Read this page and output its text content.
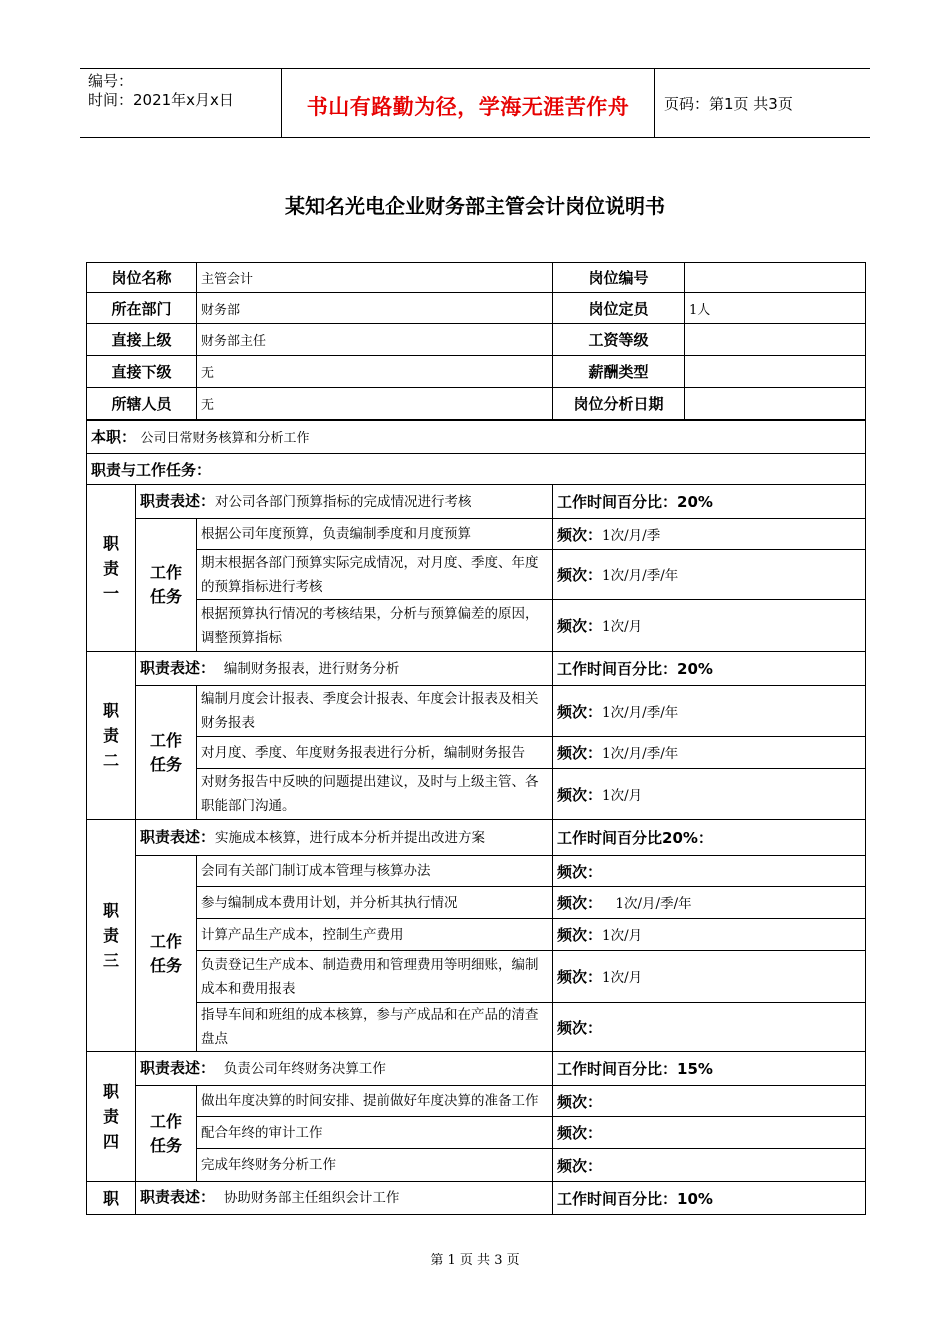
编号：
时间：2021年x月x日	书山有路勤为径，学海无涯苦作舟	页码：第1页 共3页
某知名光电企业财务部主管会计岗位说明书
岗位名称		主管会计	岗位编号	
所在部门		财务部	岗位定员	1人
直接上级		财务部主任	工资等级	
直接下级		无	薪酬类型	
所辖人员		无	岗位分析日期	
本职： 公司日常财务核算和分析工作				
职责与工作任务：				
职责一	职责表述：对公司各部门预算指标的完成情况进行考核		工作时间百分比：20%	
	工作任务	根据公司年度预算，负责编制季度和月度预算	频次：1次/月/季	
		期末根据各部门预算实际完成情况，对月度、季度、年度的预算指标进行考核	频次：1次/月/季/年	
		根据预算执行情况的考核结果，分析与预算偏差的原因，调整预算指标	频次：1次/月	
职责二	职责表述： 编制财务报表，进行财务分析		工作时间百分比：20%	
	工作任务	编制月度会计报表、季度会计报表、年度会计报表及相关财务报表	频次：1次/月/季/年	
		对月度、季度、年度财务报表进行分析，编制财务报告	频次：1次/月/季/年	
		对财务报告中反映的问题提出建议，及时与上级主管、各职能部门沟通。	频次：1次/月	
职责三	职责表述：实施成本核算，进行成本分析并提出改进方案		工作时间百分比20%：	
	工作任务	会同有关部门制订成本管理与核算办法	频次：	
		参与编制成本费用计划，并分析其执行情况	频次： 1次/月/季/年	
		计算产品生产成本，控制生产费用	频次：1次/月	
		负责登记生产成本、制造费用和管理费用等明细账，编制成本和费用报表	频次：1次/月	
		指导车间和班组的成本核算，参与产成品和在产品的清查盘点	频次：	
职责四	职责表述： 负责公司年终财务决算工作		工作时间百分比：15%	
	工作任务	做出年度决算的时间安排、提前做好年度决算的准备工作	频次：	
		配合年终的审计工作	频次：	
		完成年终财务分析工作	频次：	
职	职责表述： 协助财务部主任组织会计工作		工作时间百分比：10%	
第 1 页 共 3 页
